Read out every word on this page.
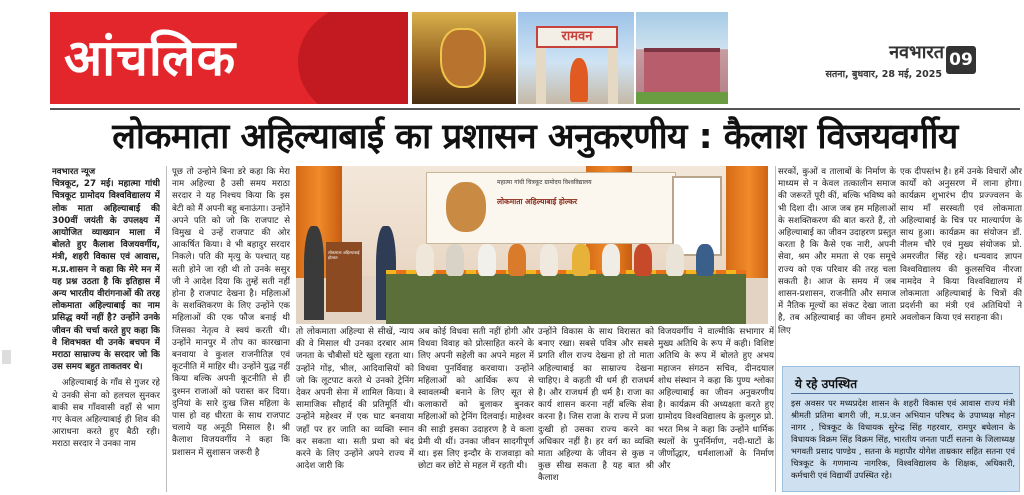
आंचलिक	रामवन
नवभारत 09
सतना, बुधवार, 28 मई, 2025
लोकमाता अहिल्याबाई का प्रशासन अनुकरणीय : कैलाश विजयवर्गीय
नवभारत न्यूज
चित्रकूट, 27 मई। महात्मा गांधी चित्रकूट ग्रामोदय विश्वविद्यालय में लोक माता अहिल्याबाई की 300वीं जयंती के उपलक्ष्य में आयोजित व्याख्यान माला में बोलते हुए कैलाश विजयवर्गीय, मंत्री, शहरी विकास एवं आवास, म.प्र.शासन ने कहा कि मेरे मन में यह प्रश्न उठता है कि इतिहास में अन्य भारतीय वीरांगनाओं की तरह लोकमाता अहिल्याबाई का नाम प्रसिद्ध क्यों नहीं है? उन्होंने उनके जीवन की चर्चा करते हुए कहा कि वे शिवभक्त थी उनके बचपन में मराठा साम्राज्य के सरदार जो कि उस समय बहुत ताकतवर थे।
अहिल्याबाई के गाँव से गुजर रहे थे उनकी सेना को हलचल सुनकर बाकी सब गाँववासी वहाँ से भाग गए केवल अहिल्याबाई ही शिव की आराधना करते हुए बैठी रही। मराठा सरदार ने उनका नाम
पूछ तो उन्होने बिना डरे कहा कि मेरा नाम अहिल्या है उसी समय मराठा सरदार ने यह निश्चय किया कि इस बेटी को मैं अपनी बहू बनाऊंगा। उन्होंने अपने पति को जो कि राजपाट से विमुख थे उन्हें राजपाट की ओर आकर्षित किया। वे भी बहादुर सरदार निकले। पति की मृत्यु के पश्चात् यह सती होने जा रही थी तो उनके ससुर जी ने आदेश दिया कि तुम्हें सती नहीं होना है राजपाट देखना है। महिलाओं के सशक्तिकरण के लिए उन्होंने एक महिलाओं की एक फौज बनाई थी जिसका नेतृत्व वे स्वयं करती थी। उन्होंने मानपुर में तोप का कारखाना बनवाया वे कुशल राजनीतिज्ञ एवं कूटनीति में माहिर थी। उन्होंने युद्ध नहीं किया बल्कि अपनी कूटनीति से ही दुश्मन राजाओं को परास्त कर दिया। दुनियां के सारे दुःख जिस महिला के पास हो वह धीरता के साथ राजपाट चलाये यह अनूठी मिसाल है। श्री कैलाश विजयवर्गीय ने कहा कि प्रशासन में सुशासन जरूरी है
महात्मा गांधी चित्रकूट ग्रामोदय विश्वविद्यालय
लोकमाता अहिल्याबाई होल्कर
लोकमाता अहिल्याबाई होल्कर
तो लोकमाता अहिल्या से सीखें, न्याय की वे मिसाल थी उनका दरबार आम जनता के चौबीसों घंटे खुला रहता था। उन्होंने गोंड़, भील, आदिवासियों को जो कि लूटपाट करते थे उनको ट्रेनिंग देकर अपनी सेना में शामिल किया। वे सामाजिक सौहार्द की प्रतिमूर्ति थी। उन्होंने महेश्वर में एक घाट बनवाया जहाँ पर हर जाति का व्यक्ति स्नान कर सकता था। सती प्रथा को बंद करने के लिए उन्होंने अपने राज्य में आदेश जारी कि
अब कोई विधवा सती नहीं होगी और विधवा विवाह को प्रोत्साहित करने के लिए अपनी सहेली का अपने महल में विधवा पुनर्विवाह करवाया। उन्होंने महिलाओं को आर्थिक रूप से स्वावलम्बी बनाने के लिए सूत से कलाकारों को बुलाकर बुनकर महिलाओं को ट्रेनिंग दिलवाई। माहेश्वर की साड़ी इसका उदाहरण है वे कला प्रेमी थी थीं। उनका जीवन सादगीपूर्ण था। इस लिए इन्दौर के राजवाड़ा को छोटा कर छोटे से महल में रहती थी।
उन्होंने विकास के साथ विरासत को बनाए रखा। सबसे पवित्र और सबसे प्रगति शील राज्य देखना हो तो माता अहिल्याबाई का साम्राज्य देखना चाहिए। वे कहती थी धर्म ही राजधर्म है। और राजधर्म ही धर्म है। राजा का कार्य शासन करना नहीं बल्कि सेवा करना है। जिस राजा के राज्य में प्रजा दुःखी हो उसका राज्य करने का अधिकार नहीं है। हर वर्ग का व्यक्ति माता अहिल्या के जीवन से कुछ न कुछ सीख सकता है यह बात श्री कैलाश
विजयवर्गीय ने वाल्मीकि सभागार में मुख्य अतिथि के रूप में कही। विशिष्ट अतिथि के रूप में बोलते हुए अभय महाजन संगठन सचिव, दीनदयाल शोध संस्थान ने कहा कि पुण्य श्लोका अहिल्याबाई का जीवन अनुकरणीय है। कार्यक्रम की अध्यक्षता करते हुए ग्रामोदय विश्वविद्यालय के कुलगुरु प्रो. भरत मिश्र ने कहा कि उन्होंने धार्मिक स्थलों के पुनर्निर्माण, नदी-घाटों के जीर्णोद्धार, धर्मशालाओं के निर्माण और
सरकों, कुओं व तालाबों के निर्माण के माध्यम से न केवल तत्कालीन समाज की जरूरतें पूरी कीं, बल्कि भविष्य को भी दिशा दी। आज जब हम महिलाओं के सशक्तिकरण की बात करते हैं, तो अहिल्याबाई का जीवन उदाहरण प्रस्तुत करता है कि कैसे एक नारी, अपनी सेवा, श्रम और ममता से एक समूचे राज्य को एक परिवार की तरह चला सकती है। आज के समय में जब शासन-प्रशासन, राजनीति और समाज में नैतिक मूल्यों का संकट देखा जाता है, तब अहिल्याबाई का जीवन हमारे लिए
एक दीपस्तंभ है। हमें उनके विचारों और कार्यों को अनुसरण में लाना होगा। कार्यक्रम शुभारंभ दीप प्रज्ज्वलन के साथ माँ सरस्वती एवं लोकमाता अहिल्याबाई के चित्र पर माल्यार्पण के साथ हुआ। कार्यक्रम का संयोजन डॉ. नीलम चौरे एवं मुख्य संयोजक प्रो. अमरजीत सिंह रहे। धन्यवाद ज्ञापन विश्वविद्यालय की कुलसचिव नीरजा नामदेव ने किया विश्वविद्यालय में लोकमाता अहिल्याबाई के चित्रों की प्रदर्शनी का मंत्री एवं अतिथियों ने अवलोकन किया एवं सराहना की।
ये रहे उपस्थित
इस अवसर पर मध्यप्रदेश शासन के शहरी विकास एवं आवास राज्य मंत्री श्रीमती प्रतिमा बागरी जी, म.प्र.जन अभियान परिषद के उपाध्यक्ष मोहन नागर , चित्रकूट के विधायक सुरेन्द्र सिंह गहरवार, रामपुर बघेलान के विधायक विक्रम सिंह विक्रम सिंह, भारतीय जनता पार्टी सतना के जिलाध्यक्ष भगवती प्रसाद पाण्डेय , सतना के महापौर योगेश ताम्रकार सहित सतना एवं चित्रकूट के गणमान्य नागरिक, विश्वविद्यालय के शिक्षक, अधिकारी, कर्मचारी एवं विद्यार्थी उपस्थित रहे।
